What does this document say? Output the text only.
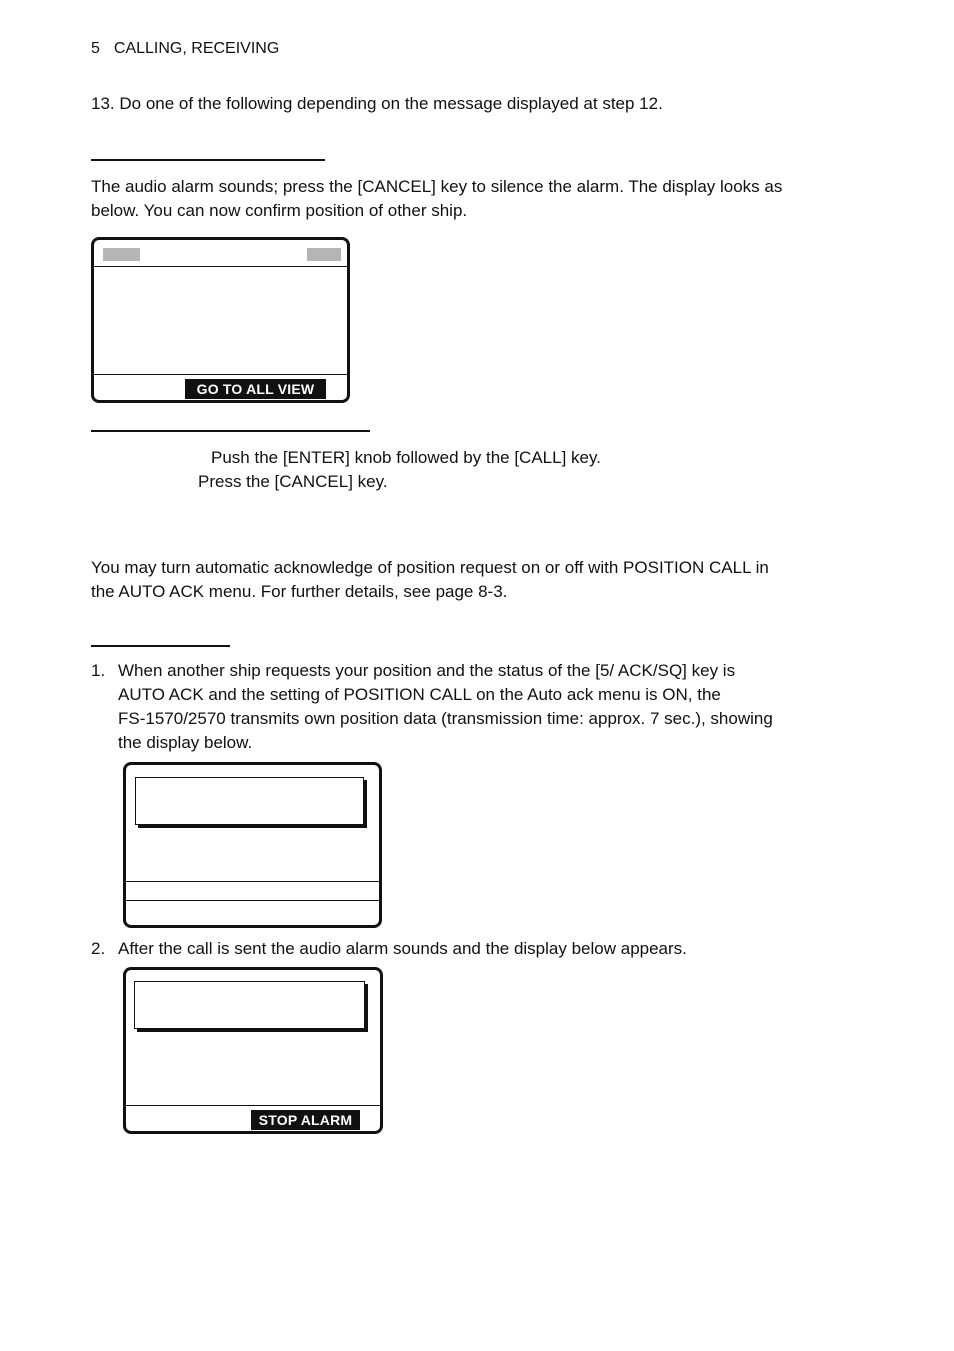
5 CALLING, RECEIVING
13. Do one of the following depending on the message displayed at step 12.
The audio alarm sounds; press the [CANCEL] key to silence the alarm. The display looks as
below. You can now confirm position of other ship.
GO TO ALL VIEW
Push the [ENTER] knob followed by the [CALL] key.
Press the [CANCEL] key.
You may turn automatic acknowledge of position request on or off with POSITION CALL in
the AUTO ACK menu. For further details, see page 8-3.
1. When another ship requests your position and the status of the [5/ ACK/SQ] key is
AUTO ACK and the setting of POSITION CALL on the Auto ack menu is ON, the
FS-1570/2570 transmits own position data (transmission time: approx. 7 sec.), showing
the display below.
2. After the call is sent the audio alarm sounds and the display below appears.
STOP ALARM
